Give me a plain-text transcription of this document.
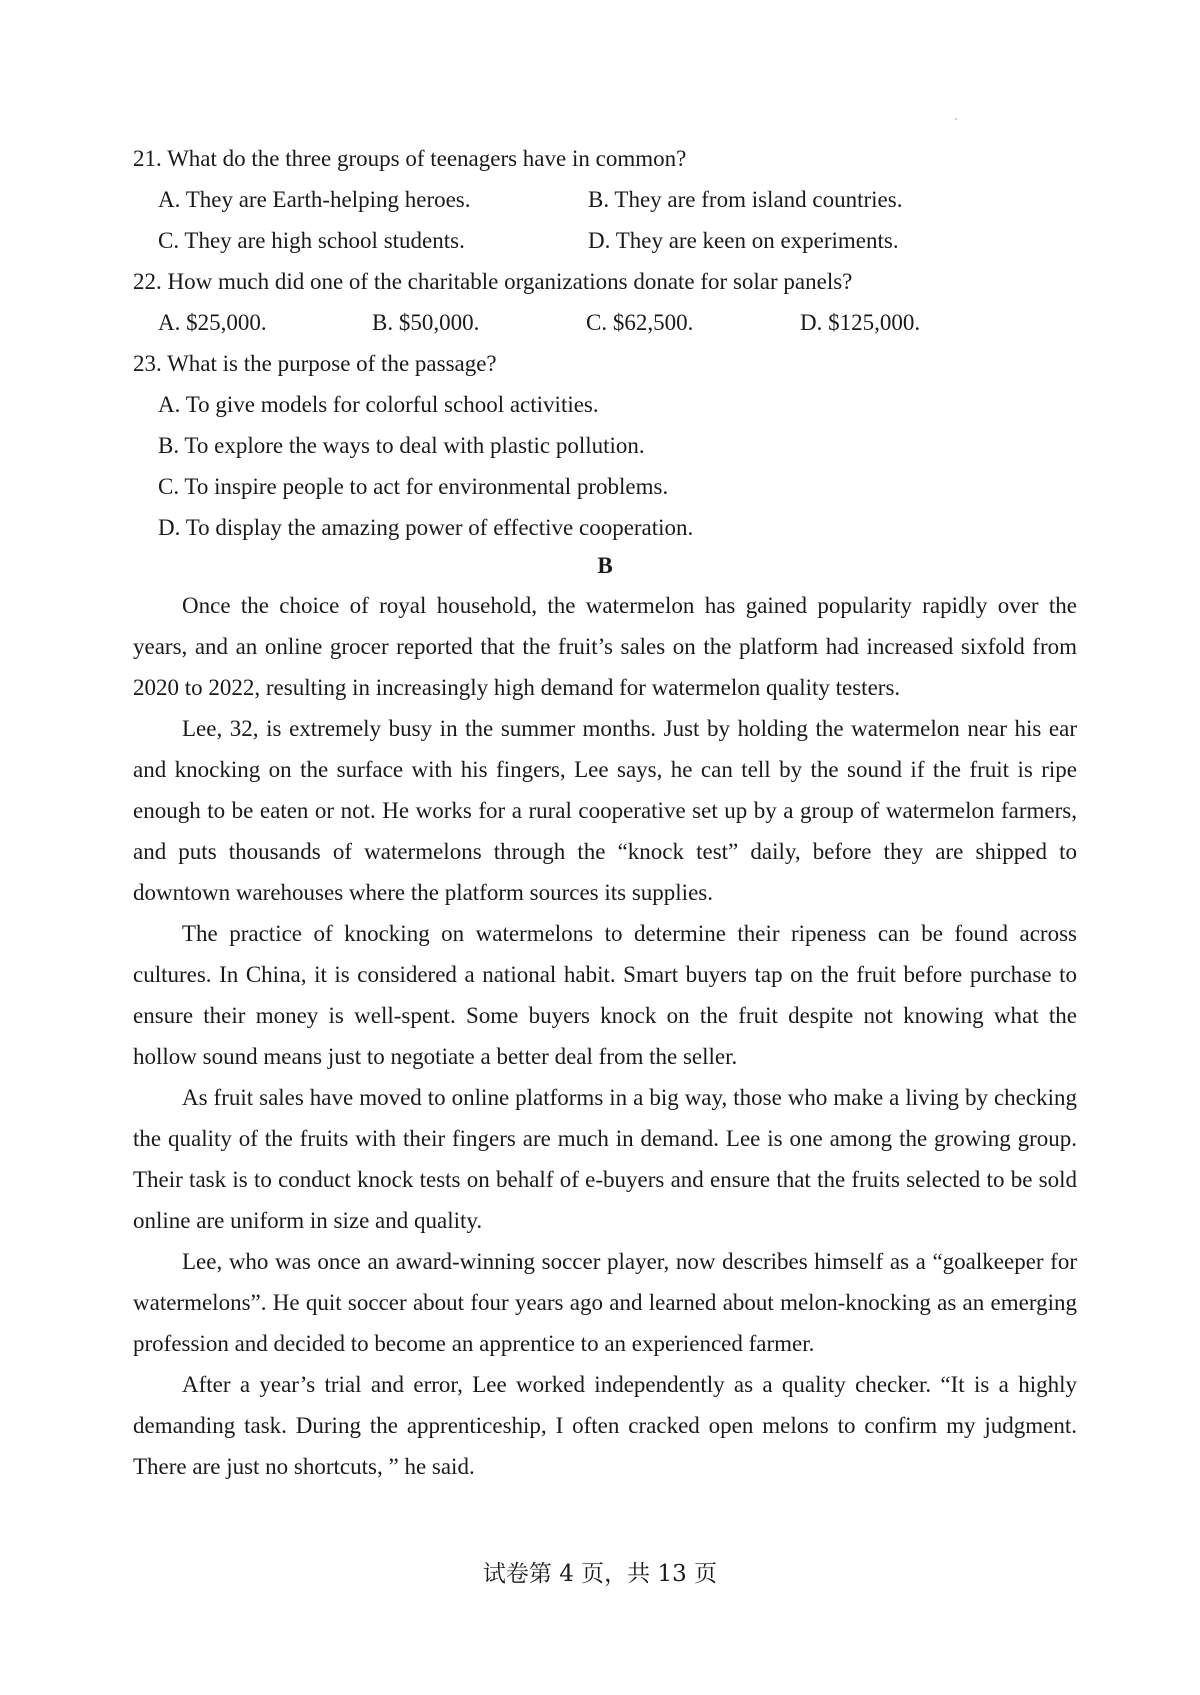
21. What do the three groups of teenagers have in common?

A. They are Earth-helping heroes.	B. They are from island countries.
C. They are high school students.	D. They are keen on experiments.

22. How much did one of the charitable organizations donate for solar panels?

A. $25,000.	B. $50,000.	C. $62,500.	D. $125,000.

23. What is the purpose of the passage?

A. To give models for colorful school activities.

B. To explore the ways to deal with plastic pollution.

C. To inspire people to act for environmental problems.

D. To display the amazing power of effective cooperation.

B

Once the choice of royal household, the watermelon has gained popularity rapidly over the years, and an online grocer reported that the fruit’s sales on the platform had increased sixfold from 2020 to 2022, resulting in increasingly high demand for watermelon quality testers.

Lee, 32, is extremely busy in the summer months. Just by holding the watermelon near his ear and knocking on the surface with his fingers, Lee says, he can tell by the sound if the fruit is ripe enough to be eaten or not. He works for a rural cooperative set up by a group of watermelon farmers, and puts thousands of watermelons through the “knock test” daily, before they are shipped to downtown warehouses where the platform sources its supplies.

The practice of knocking on watermelons to determine their ripeness can be found across cultures. In China, it is considered a national habit. Smart buyers tap on the fruit before purchase to ensure their money is well-spent. Some buyers knock on the fruit despite not knowing what the hollow sound means just to negotiate a better deal from the seller.

As fruit sales have moved to online platforms in a big way, those who make a living by checking the quality of the fruits with their fingers are much in demand. Lee is one among the growing group. Their task is to conduct knock tests on behalf of e-buyers and ensure that the fruits selected to be sold online are uniform in size and quality.

Lee, who was once an award-winning soccer player, now describes himself as a “goalkeeper for watermelons”. He quit soccer about four years ago and learned about melon-knocking as an emerging profession and decided to become an apprentice to an experienced farmer.

After a year’s trial and error, Lee worked independently as a quality checker. “It is a highly demanding task. During the apprenticeship, I often cracked open melons to confirm my judgment. There are just no shortcuts, ” he said.

试卷第 4 页，共 13 页
